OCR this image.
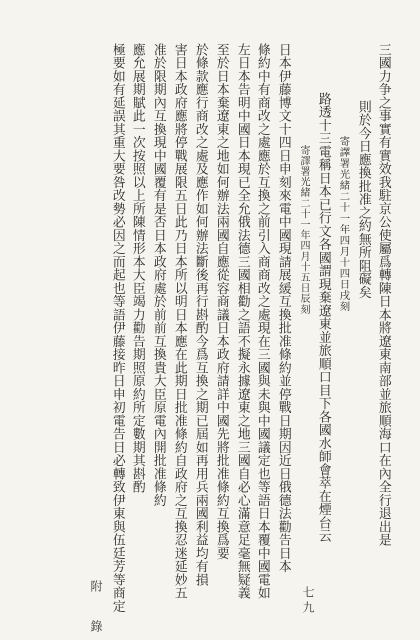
三國力争之事實有實效我駐京公使屬爲轉陳日本將遼東南部並旅順海口在內全行退出是
則於今日應換批准之約無所阻礙矣
寄譯署光緒二十一年四月十四日戌刻
路透十三電稱日本已行文各國謂現棄遼東並旅順口目下各國水師會萃在煙台云
寄譯署光緒二十一年四月十五日辰刻
日本伊藤博文十四日申刻來電中國現請展緩互換批准條約並停戰日期因近日俄德法勸告日本
條約中有商改之處應於互換之前引入商商改之處現在三國與未與中國議定也等語日本覆中國電如
左日本告明中國日本現已全允俄法德三國相勸之語不擬永據遼東之地三國自必心滿意足毫無疑義
至於日本棄遼東之地如何辦法兩國自應從容商議日本政府請詳中國先將批准條約互換爲要
於條款應行商改之處及應作如何辦法斷後再行斟酌今爲互換之期已屆如再用兵兩國利益均有損
害日本政府應將停戰展限五日此乃日本所以明日本應在此期日批准條約自政府之互換忍迷延妙五
准於限期內互換現中國覆有是否日本政府處於前前互換貴大臣原電內開批准條約
應允展期賦此一次按照以上所陳情形本大臣竭力勸告期照原約所定數期其斟酌
極要如有延誤其重大要咎改勢必因之而起也等語伊藤接昨日申初電告日必轉致伊東與伍廷芳等商定
附　錄	七九
